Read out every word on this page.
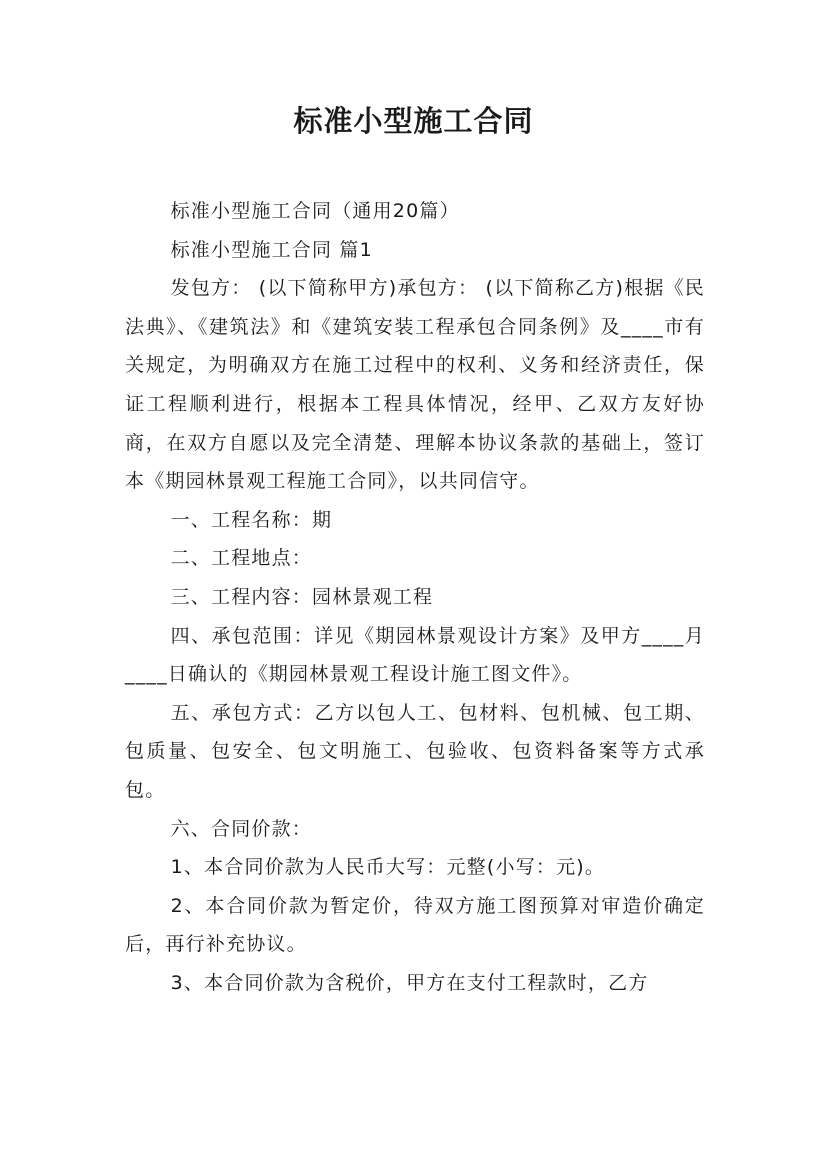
标准小型施工合同

标准小型施工合同（通用20篇）

标准小型施工合同 篇1

发包方： (以下简称甲方)承包方： (以下简称乙方)根据《民法典》、《建筑法》和《建筑安装工程承包合同条例》及____市有关规定，为明确双方在施工过程中的权利、义务和经济责任，保证工程顺利进行，根据本工程具体情况，经甲、乙双方友好协商，在双方自愿以及完全清楚、理解本协议条款的基础上，签订本《期园林景观工程施工合同》，以共同信守。

一、工程名称：期

二、工程地点：

三、工程内容：园林景观工程

四、承包范围：详见《期园林景观设计方案》及甲方____月____日确认的《期园林景观工程设计施工图文件》。

五、承包方式：乙方以包人工、包材料、包机械、包工期、包质量、包安全、包文明施工、包验收、包资料备案等方式承包。

六、合同价款：

1、本合同价款为人民币大写：元整(小写：元)。

2、本合同价款为暂定价，待双方施工图预算对审造价确定后，再行补充协议。

3、本合同价款为含税价，甲方在支付工程款时，乙方
